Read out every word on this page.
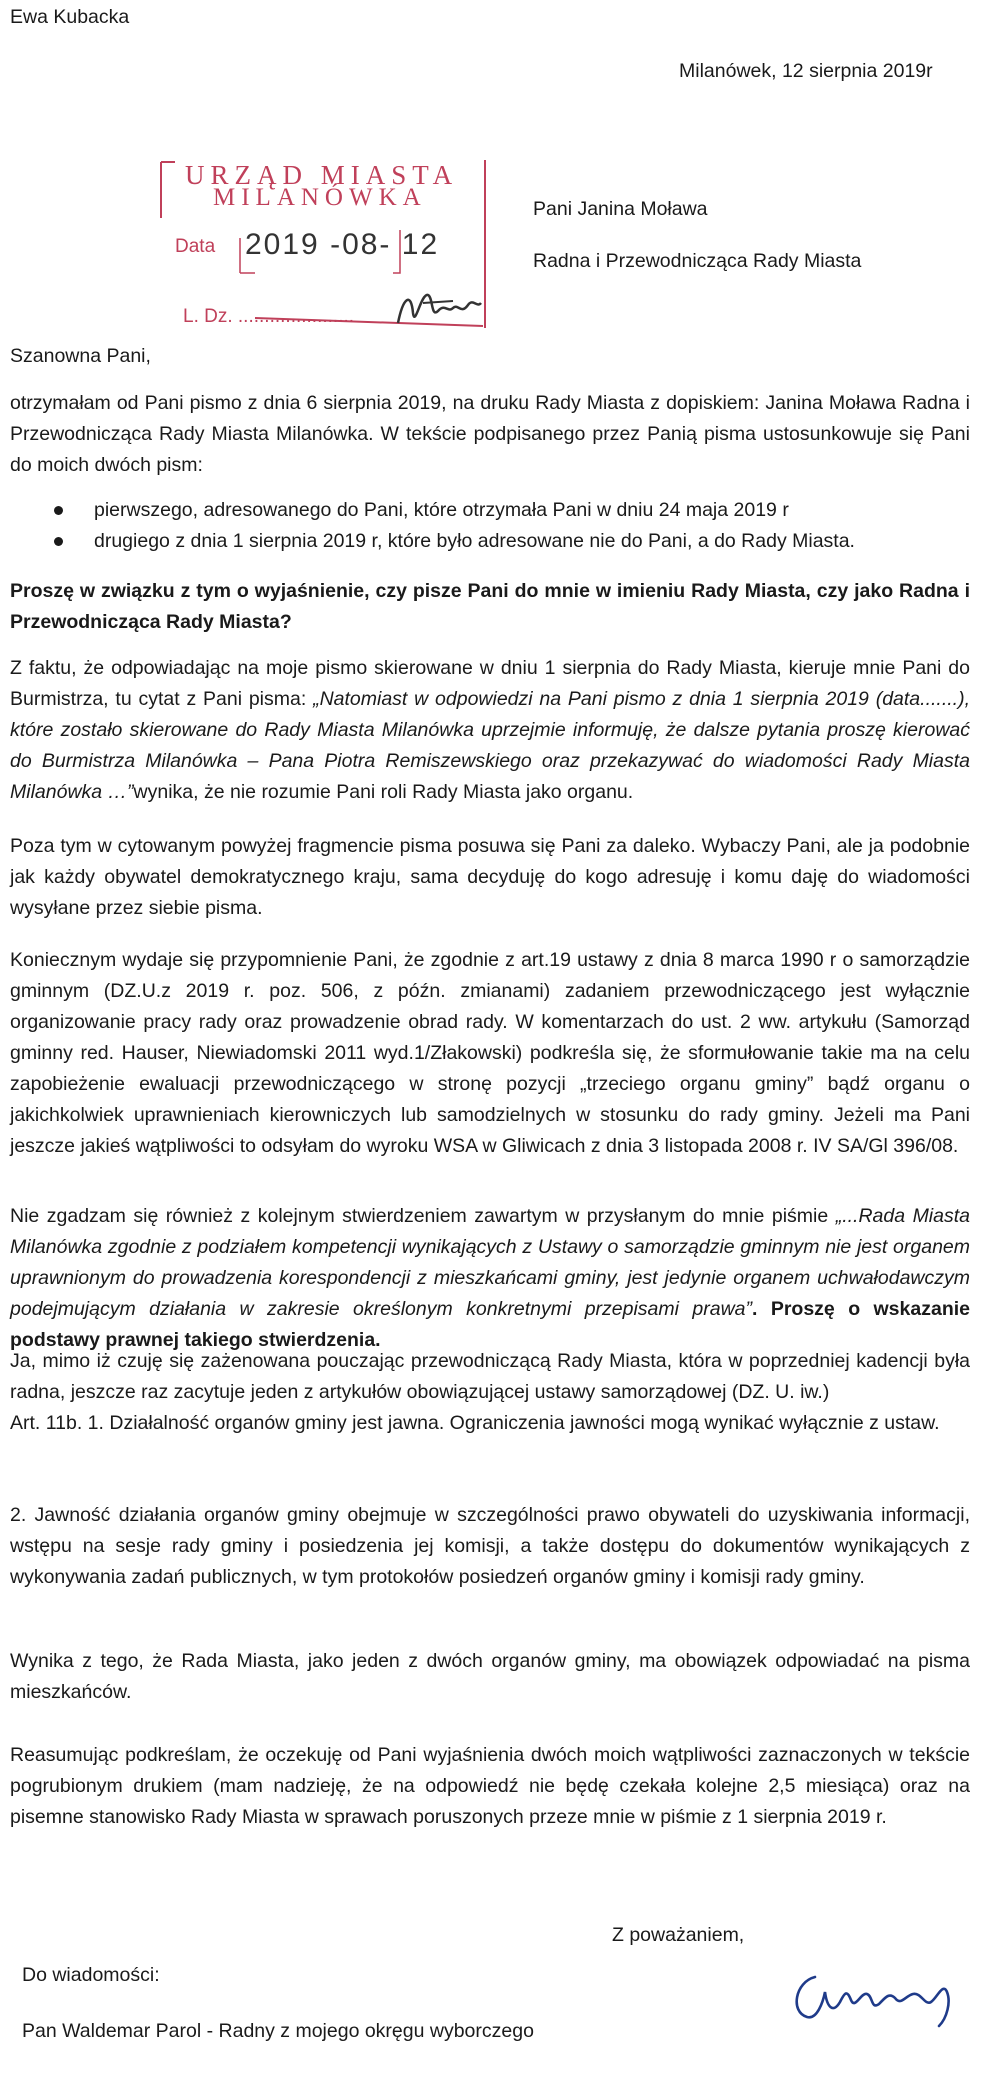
Ewa Kubacka
Milanówek, 12 sierpnia 2019r
URZĄD MIASTA
MILANÓWKA
Data 2019 -08- 12
L. Dz. ......................
Pani Janina Moława
Radna i Przewodnicząca Rady Miasta
Szanowna Pani,
otrzymałam od Pani pismo z dnia 6 sierpnia 2019, na druku Rady Miasta z dopiskiem: Janina Moława Radna i Przewodnicząca Rady Miasta Milanówka. W tekście podpisanego przez Panią pisma ustosunkowuje się Pani do moich dwóch pism:
pierwszego, adresowanego do Pani, które otrzymała Pani w dniu 24 maja 2019 r
drugiego z dnia 1 sierpnia 2019 r, które było adresowane nie do Pani, a do Rady Miasta.
Proszę w związku z tym o wyjaśnienie, czy pisze Pani do mnie w imieniu Rady Miasta, czy jako Radna i Przewodnicząca Rady Miasta?
Z faktu, że odpowiadając na moje pismo skierowane w dniu 1 sierpnia do Rady Miasta, kieruje mnie Pani do Burmistrza, tu cytat z Pani pisma: „Natomiast w odpowiedzi na Pani pismo z dnia 1 sierpnia 2019 (data.......), które zostało skierowane do Rady Miasta Milanówka uprzejmie informuję, że dalsze pytania proszę kierować do Burmistrza Milanówka – Pana Piotra Remiszewskiego oraz przekazywać do wiadomości Rady Miasta Milanówka …”wynika, że nie rozumie Pani roli Rady Miasta jako organu.
Poza tym w cytowanym powyżej fragmencie pisma posuwa się Pani za daleko. Wybaczy Pani, ale ja podobnie jak każdy obywatel demokratycznego kraju, sama decyduję do kogo adresuję i komu daję do wiadomości wysyłane przez siebie pisma.
Koniecznym wydaje się przypomnienie Pani, że zgodnie z art.19 ustawy z dnia 8 marca 1990 r o samorządzie gminnym (DZ.U.z 2019 r. poz. 506, z późn. zmianami) zadaniem przewodniczącego jest wyłącznie organizowanie pracy rady oraz prowadzenie obrad rady. W komentarzach do ust. 2 ww. artykułu (Samorząd gminny red. Hauser, Niewiadomski 2011 wyd.1/Złakowski) podkreśla się, że sformułowanie takie ma na celu zapobieżenie ewaluacji przewodniczącego w stronę pozycji „trzeciego organu gminy” bądź organu o jakichkolwiek uprawnieniach kierowniczych lub samodzielnych w stosunku do rady gminy. Jeżeli ma Pani jeszcze jakieś wątpliwości to odsyłam do wyroku WSA w Gliwicach z dnia 3 listopada 2008 r. IV SA/Gl 396/08.
Nie zgadzam się również z kolejnym stwierdzeniem zawartym w przysłanym do mnie piśmie „...Rada Miasta Milanówka zgodnie z podziałem kompetencji wynikających z Ustawy o samorządzie gminnym nie jest organem uprawnionym do prowadzenia korespondencji z mieszkańcami gminy, jest jedynie organem uchwałodawczym podejmującym działania w zakresie określonym konkretnymi przepisami prawa”. Proszę o wskazanie podstawy prawnej takiego stwierdzenia.
Ja, mimo iż czuję się zażenowana pouczając przewodniczącą Rady Miasta, która w poprzedniej kadencji była radna, jeszcze raz zacytuje jeden z artykułów obowiązującej ustawy samorządowej (DZ. U. iw.)
Art. 11b. 1. Działalność organów gminy jest jawna. Ograniczenia jawności mogą wynikać wyłącznie z ustaw.
2. Jawność działania organów gminy obejmuje w szczególności prawo obywateli do uzyskiwania informacji, wstępu na sesje rady gminy i posiedzenia jej komisji, a także dostępu do dokumentów wynikających z wykonywania zadań publicznych, w tym protokołów posiedzeń organów gminy i komisji rady gminy.
Wynika z tego, że Rada Miasta, jako jeden z dwóch organów gminy, ma obowiązek odpowiadać na pisma mieszkańców.
Reasumując podkreślam, że oczekuję od Pani wyjaśnienia dwóch moich wątpliwości zaznaczonych w tekście pogrubionym drukiem (mam nadzieję, że na odpowiedź nie będę czekała kolejne 2,5 miesiąca) oraz na pisemne stanowisko Rady Miasta w sprawach poruszonych przeze mnie w piśmie z 1 sierpnia 2019 r.
Z poważaniem,
Do wiadomości:
Pan Waldemar Parol - Radny z mojego okręgu wyborczego
